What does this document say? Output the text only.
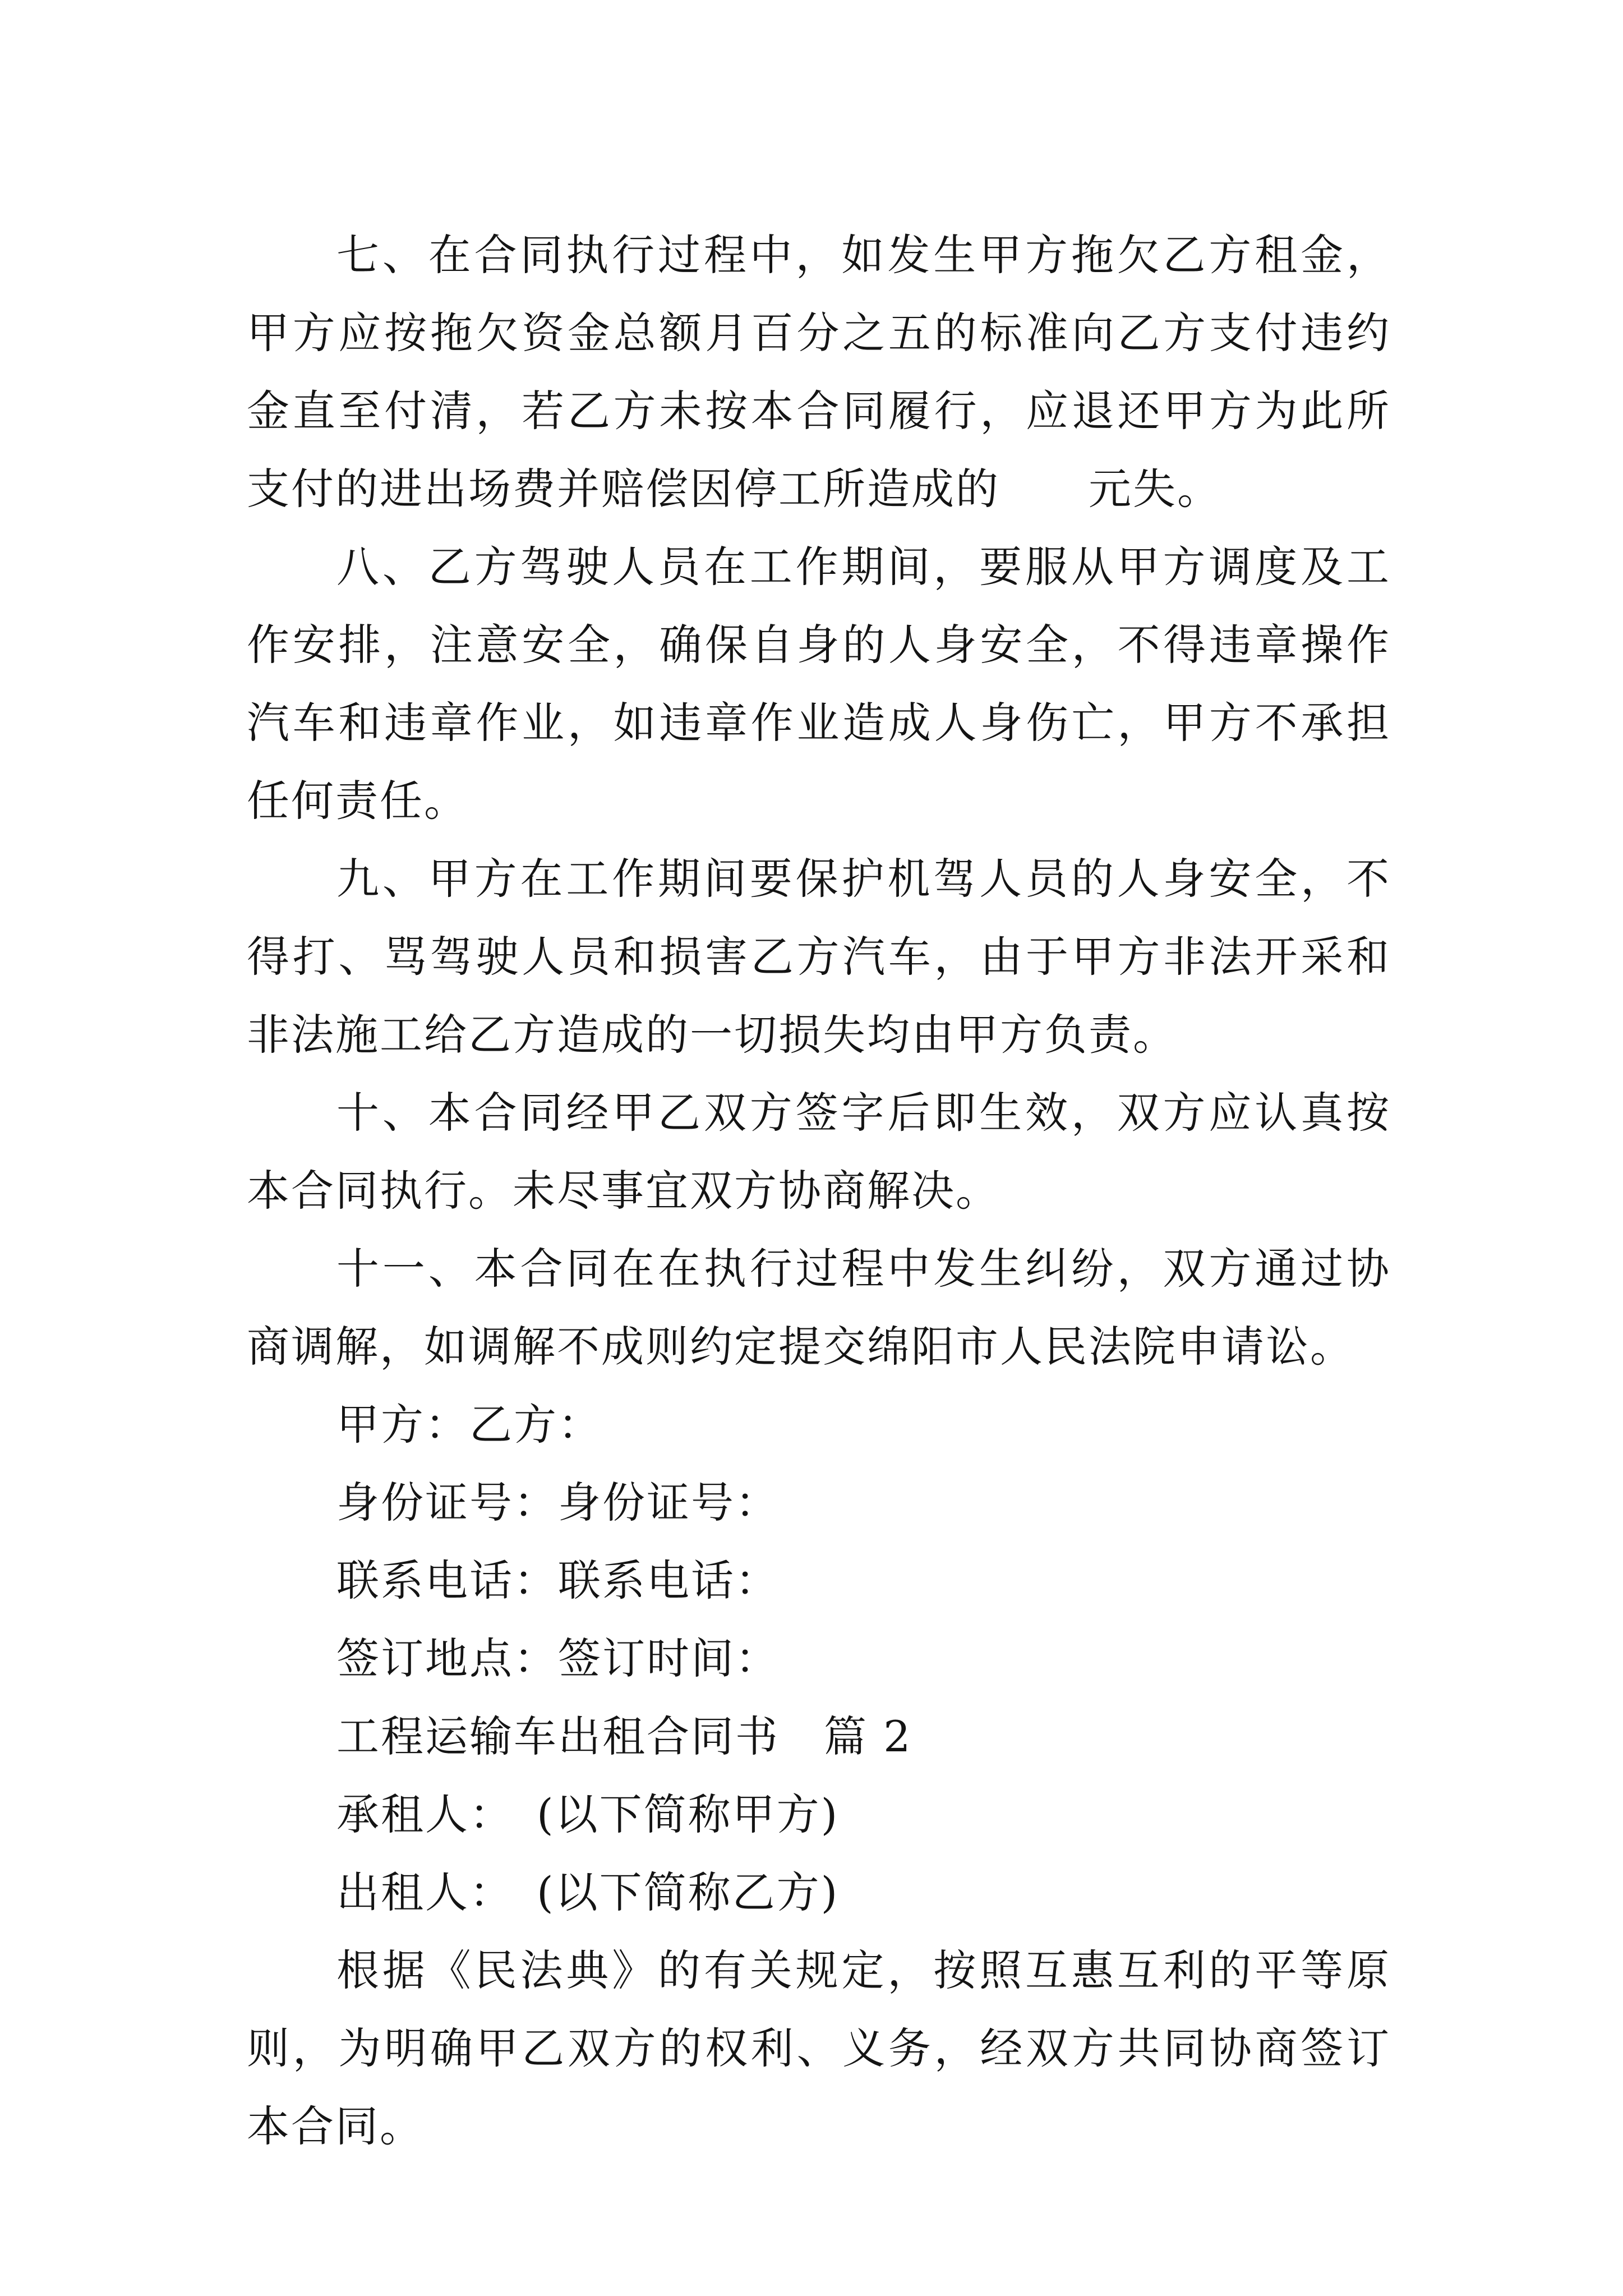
七、在合同执行过程中，如发生甲方拖欠乙方租金，甲方应按拖欠资金总额月百分之五的标准向乙方支付违约金直至付清，若乙方未按本合同履行，应退还甲方为此所支付的进出场费并赔偿因停工所造成的　　元失。

八、乙方驾驶人员在工作期间，要服从甲方调度及工作安排，注意安全，确保自身的人身安全，不得违章操作汽车和违章作业，如违章作业造成人身伤亡，甲方不承担任何责任。

九、甲方在工作期间要保护机驾人员的人身安全，不得打、骂驾驶人员和损害乙方汽车，由于甲方非法开采和非法施工给乙方造成的一切损失均由甲方负责。

十、本合同经甲乙双方签字后即生效，双方应认真按本合同执行。未尽事宜双方协商解决。

十一、本合同在在执行过程中发生纠纷，双方通过协商调解，如调解不成则约定提交绵阳市人民法院申请讼。

甲方：乙方：

身份证号：身份证号：

联系电话：联系电话：

签订地点：签订时间：

工程运输车出租合同书　篇 2

承租人：　(以下简称甲方)

出租人：　(以下简称乙方)

根据《民法典》的有关规定，按照互惠互利的平等原则，为明确甲乙双方的权利、义务，经双方共同协商签订本合同。
